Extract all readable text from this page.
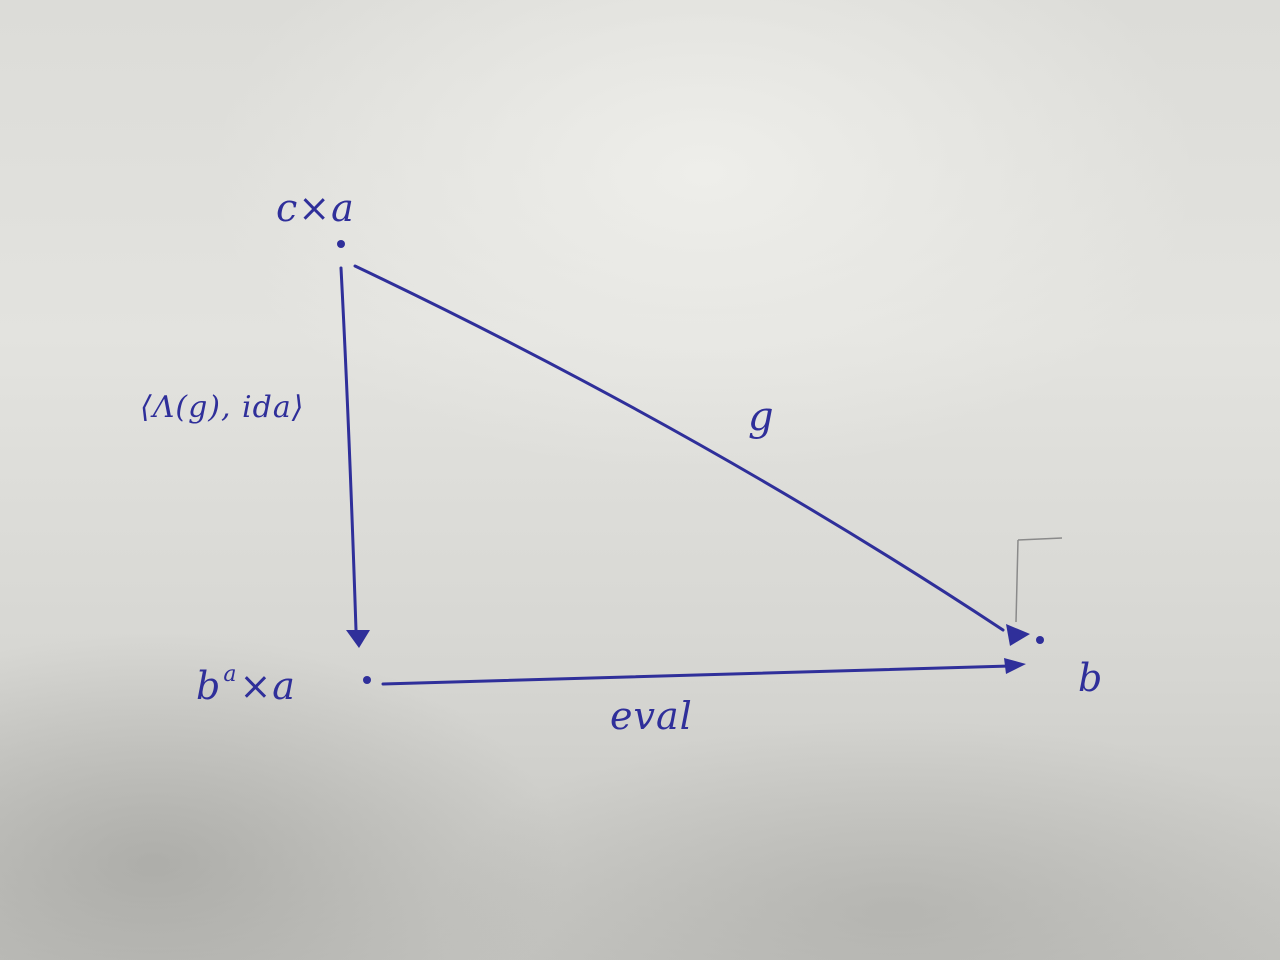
c×a
$b^a\times a$	b
⟨Λ(g), ida⟩	g
eval
